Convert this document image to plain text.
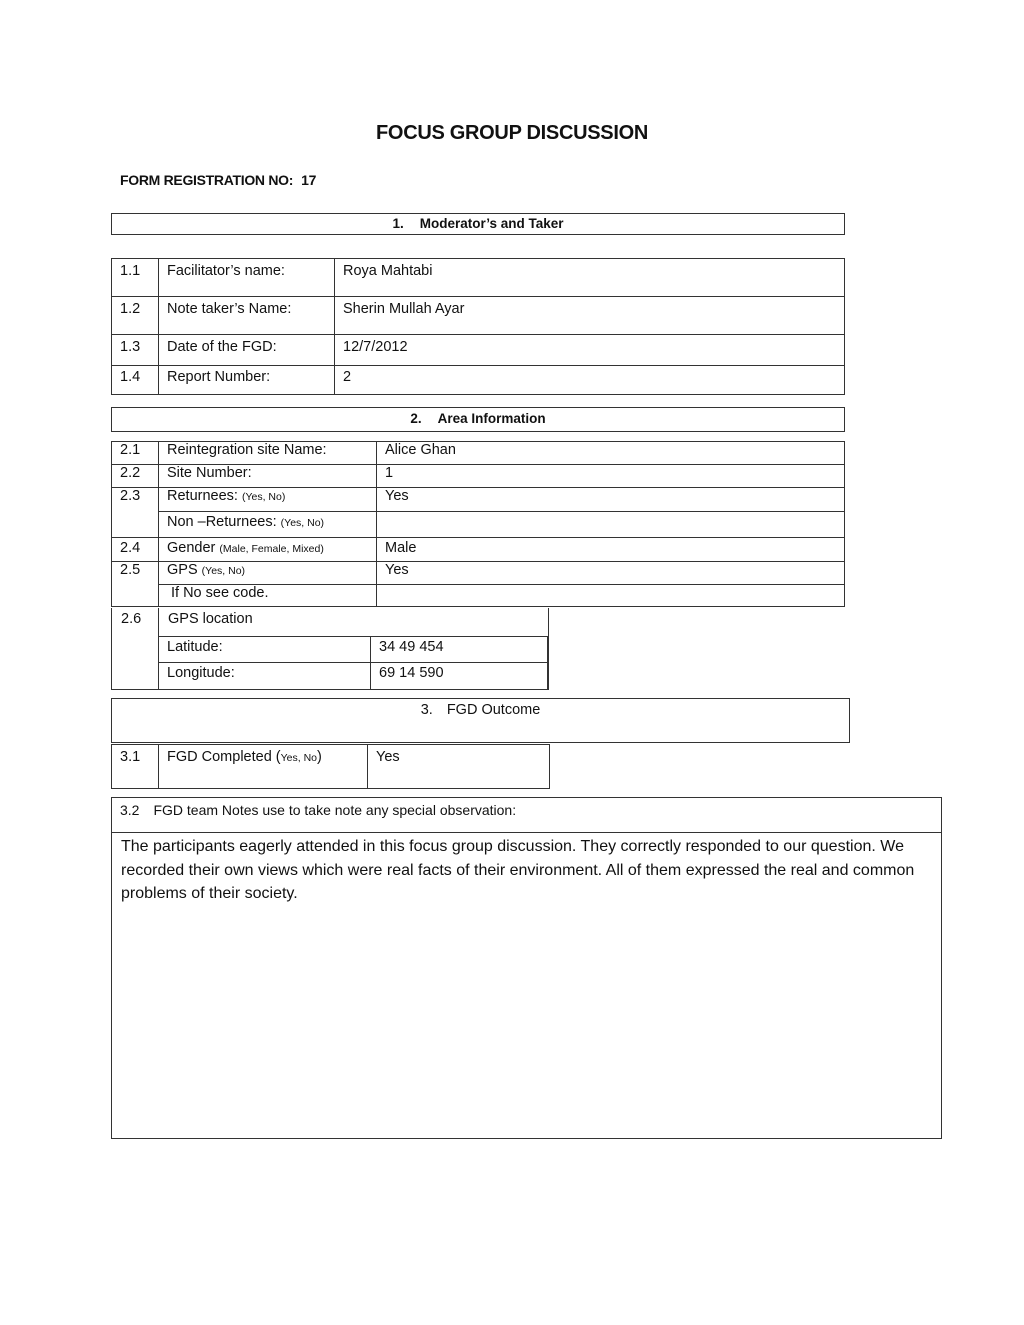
FOCUS GROUP DISCUSSION
FORM REGISTRATION NO: 17
1. Moderator’s and Taker
1.1	Facilitator’s name:	Roya Mahtabi
1.2	Note taker’s Name:	Sherin Mullah Ayar
1.3	Date of the FGD:	12/7/2012
1.4	Report Number:	2
2. Area Information
2.1	Reintegration site Name:	Alice Ghan
2.2	Site Number:	1
2.3	Returnees: (Yes, No)	Yes
	Non –Returnees: (Yes, No)	
2.4	Gender (Male, Female, Mixed)	Male
2.5	GPS (Yes, No)	Yes
	If No see code.	
2.6 GPS location
Latitude:	34 49 454
Longitude:	69 14 590
3. FGD Outcome
3.1	FGD Completed (Yes, No)	Yes
3.2 FGD team Notes use to take note any special observation:
The participants eagerly attended in this focus group discussion. They correctly responded to our question. We recorded their own views which were real facts of their environment. All of them expressed the real and common problems of their society.
